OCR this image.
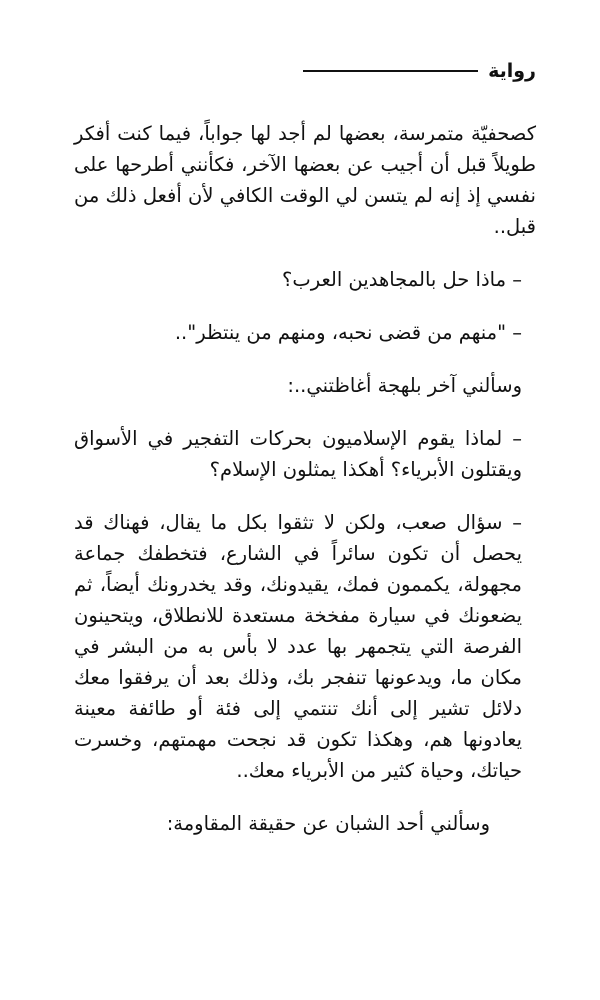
رواية

كصحفيّة متمرسة، بعضها لم أجد لها جواباً، فيما كنت أفكر طويلاً قبل أن أجيب عن بعضها الآخر، فكأنني أطرحها على نفسي إذ إنه لم يتسن لي الوقت الكافي لأن أفعل ذلك من قبل..

– ماذا حل بالمجاهدين العرب؟

– "منهم من قضى نحبه، ومنهم من ينتظر"..

وسألني آخر بلهجة أغاظتني..:

– لماذا يقوم الإسلاميون بحركات التفجير في الأسواق ويقتلون الأبرياء؟ أهكذا يمثلون الإسلام؟

– سؤال صعب، ولكن لا تثقوا بكل ما يقال، فهناك قد يحصل أن تكون سائراً في الشارع، فتخطفك جماعة مجهولة، يكممون فمك، يقيدونك، وقد يخدرونك أيضاً، ثم يضعونك في سيارة مفخخة مستعدة للانطلاق، ويتحينون الفرصة التي يتجمهر بها عدد لا بأس به من البشر في مكان ما، ويدعونها تنفجر بك، وذلك بعد أن يرفقوا معك دلائل تشير إلى أنك تنتمي إلى فئة أو طائفة معينة يعادونها هم، وهكذا تكون قد نجحت مهمتهم، وخسرت حياتك، وحياة كثير من الأبرياء معك..

وسألني أحد الشبان عن حقيقة المقاومة:
